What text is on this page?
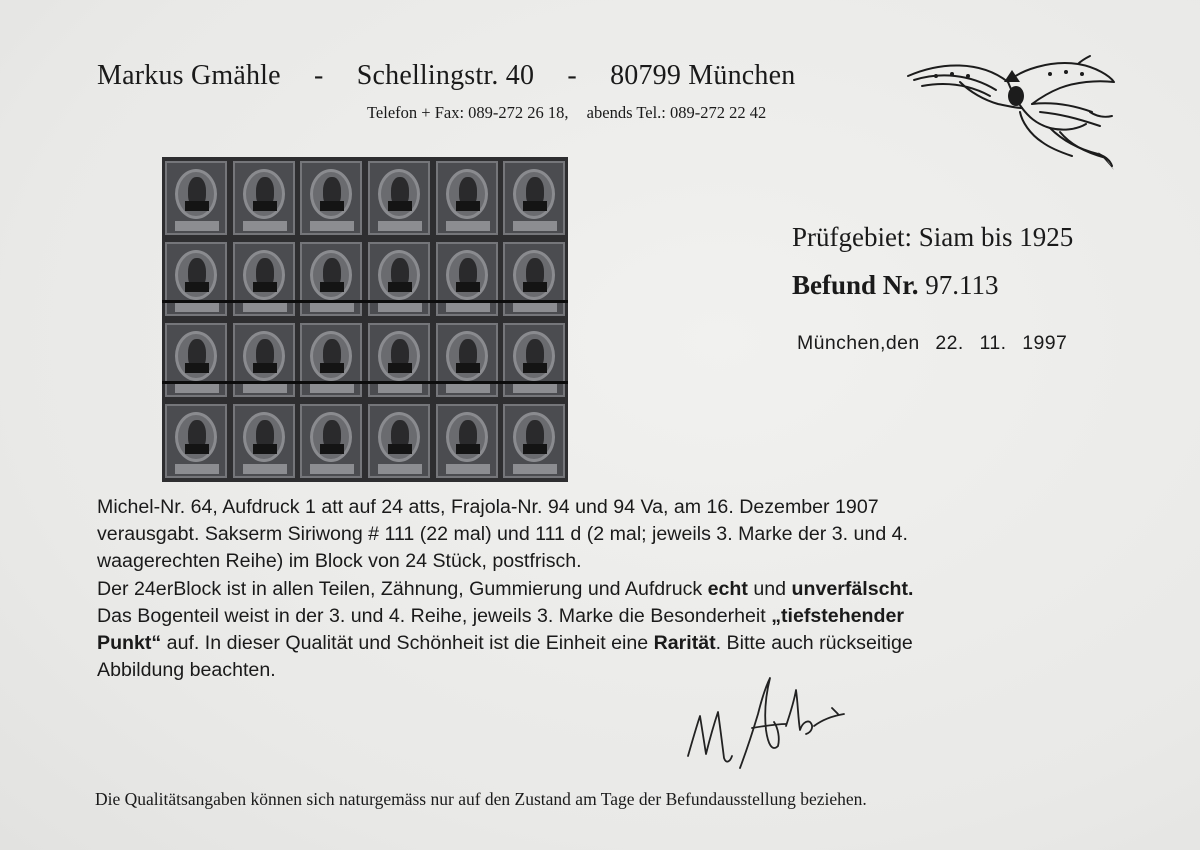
Markus Gmähle - Schellingstr. 40 - 80799 München
Telefon + Fax: 089-272 26 18, abends Tel.: 089-272 22 42
Prüfgebiet: Siam bis 1925
Befund Nr. 97.113
München,den 22. 11. 1997

Michel-Nr. 64, Aufdruck 1 att auf 24 atts, Frajola-Nr. 94 und 94 Va, am 16. Dezember 1907

verausgabt. Sakserm Siriwong # 111 (22 mal) und 111 d (2 mal; jeweils 3. Marke der 3. und 4.

waagerechten Reihe) im Block von 24 Stück, postfrisch.

Der 24erBlock ist in allen Teilen, Zähnung, Gummierung und Aufdruck echt und unverfälscht.

Das Bogenteil weist in der 3. und 4. Reihe, jeweils 3. Marke die Besonderheit „tiefstehender

Punkt“ auf. In dieser Qualität und Schönheit ist die Einheit eine Rarität. Bitte auch rückseitige

Abbildung beachten.

Die Qualitätsangaben können sich naturgemäss nur auf den Zustand am Tage der Befundausstellung beziehen.
